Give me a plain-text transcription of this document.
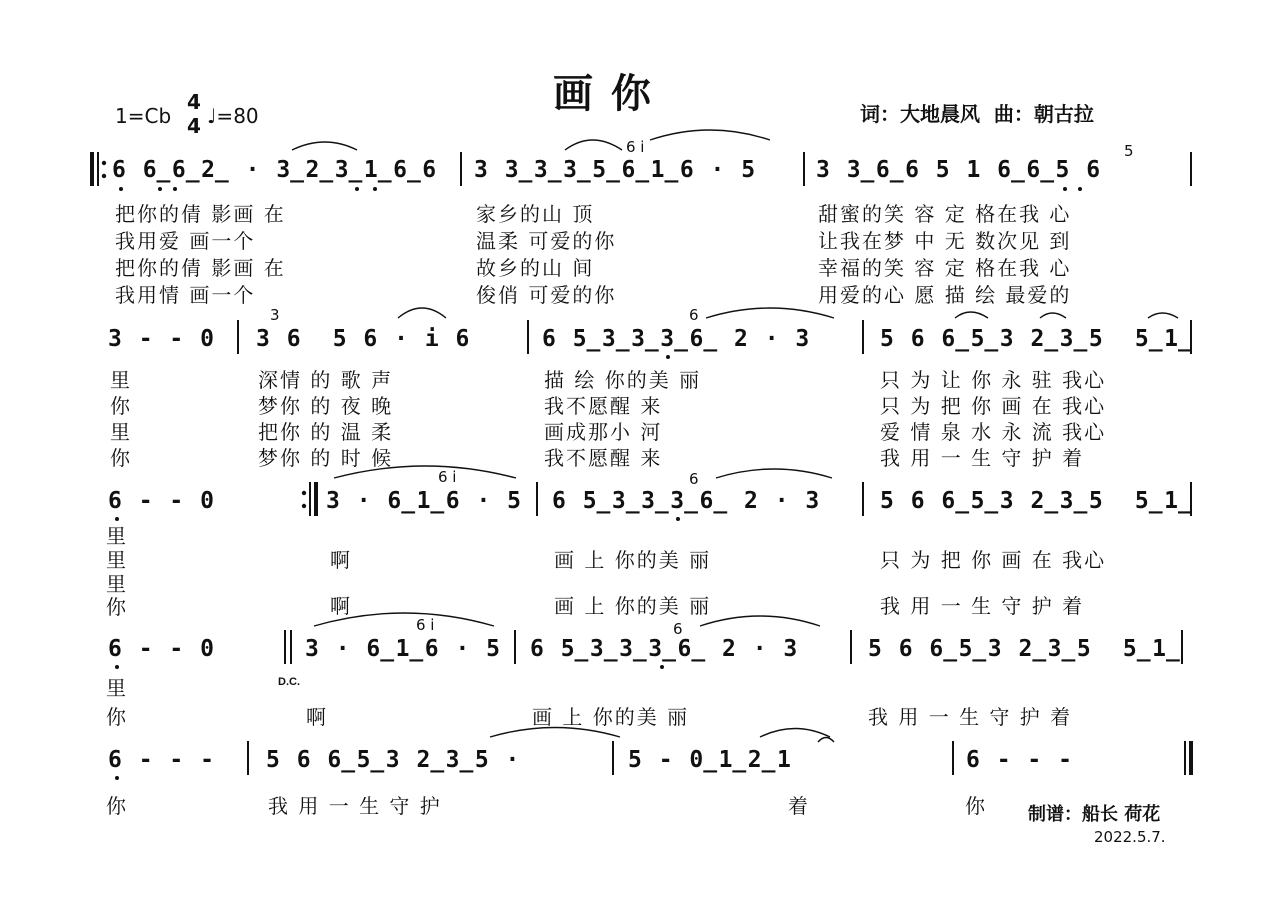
画 你
1=Cb
4
4 ♩=80	词：大地晨风  曲：朝古拉
6 6̲6̲2̲ · 3̲2̲3̲1̲6̲6 3 3̲3̲3̲5̲6̲1̲6 · 5	3 3̲6̲6 5 1 6̲6̲5 6
6 i	5
把你的倩 影画 在
我用爱 画一个
把你的倩 影画 在
我用情 画一个
家乡的山 顶
温柔 可爱的你
故乡的山 间
俊俏 可爱的你
甜蜜的笑 容 定 格在我 心
让我在梦 中 无 数次见 到
幸福的笑 容 定 格在我 心
用爱的心 愿 描 绘 最爱的
3 - - 0 3 6  5 6 · i 6	6 5̲3̲3̲3̲6̲ 2 · 3	5 6 6̲5̲3 2̲3̲5  5̲1̲
3	6
里
你
里
你
深情 的 歌 声
梦你 的 夜 晚
把你 的 温 柔
梦你 的 时 候
描 绘 你的美 丽
我不愿醒 来
画成那小 河
我不愿醒 来
只 为 让 你 永 驻 我心
只 为 把 你 画 在 我心
爱 情 泉 水 永 流 我心
我 用 一 生 守 护 着
6 - - 0	3 · 6̲1̲6 · 5 6 5̲3̲3̲3̲6̲ 2 · 3	5 6 6̲5̲3 2̲3̲5  5̲1̲
6 i	6
里
里
里
你
啊
啊
画 上 你的美 丽
画 上 你的美 丽
只 为 把 你 画 在 我心
我 用 一 生 守 护 着
6 - - 0	3 · 6̲1̲6 · 5 6 5̲3̲3̲3̲6̲ 2 · 3	5 6 6̲5̲3 2̲3̲5  5̲1̲
6 i	6
D.C.
里
你	啊	画 上 你的美 丽	我 用 一 生 守 护 着
6 - - - 5 6 6̲5̲3 2̲3̲5 ·	5 - 0̲1̲2̲1	6 - - -
你	我 用 一 生 守 护	着	你 制谱：船长 荷花
2022.5.7.
